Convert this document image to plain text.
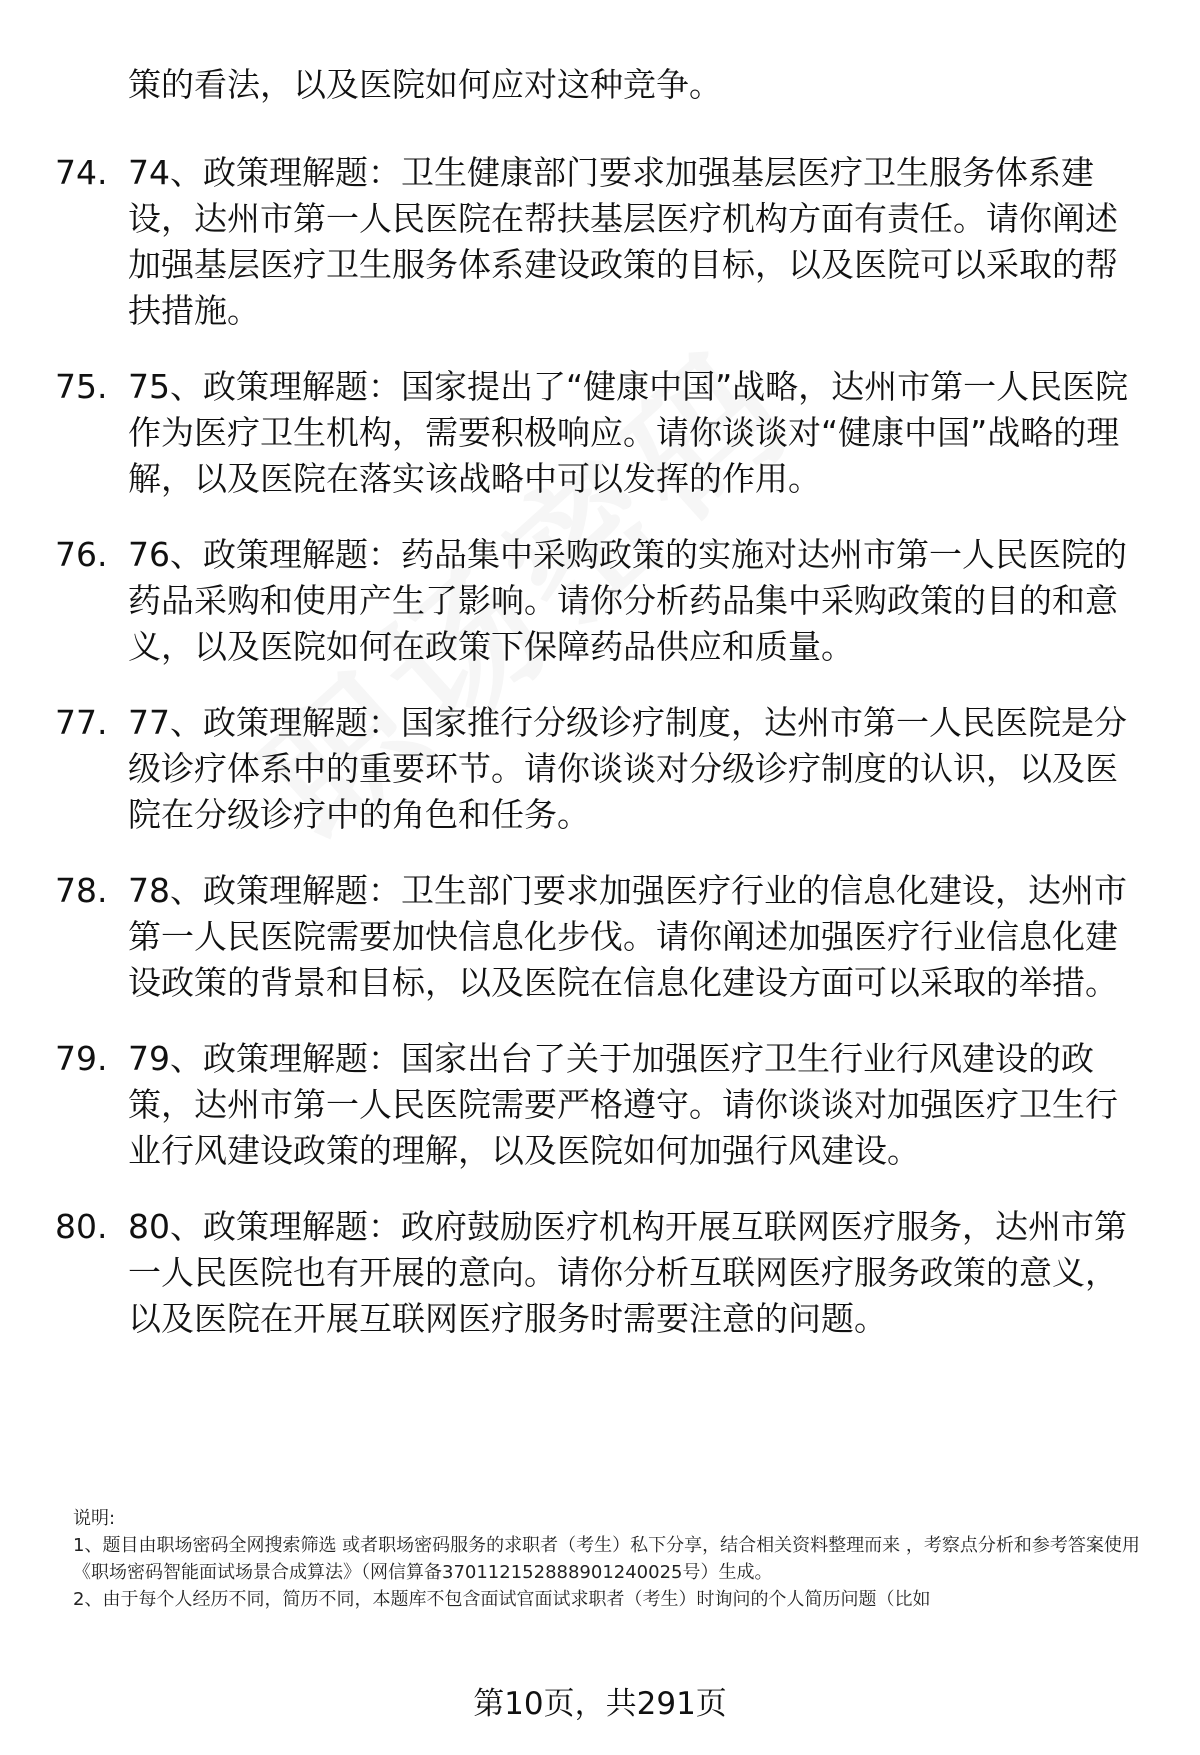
策的看法，以及医院如何应对这种竞争。
74. 74、政策理解题：卫生健康部门要求加强基层医疗卫生服务体系建设，达州市第一人民医院在帮扶基层医疗机构方面有责任。请你阐述加强基层医疗卫生服务体系建设政策的目标，以及医院可以采取的帮扶措施。
75. 75、政策理解题：国家提出了“健康中国”战略，达州市第一人民医院作为医疗卫生机构，需要积极响应。请你谈谈对“健康中国”战略的理解，以及医院在落实该战略中可以发挥的作用。
76. 76、政策理解题：药品集中采购政策的实施对达州市第一人民医院的药品采购和使用产生了影响。请你分析药品集中采购政策的目的和意义，以及医院如何在政策下保障药品供应和质量。
77. 77、政策理解题：国家推行分级诊疗制度，达州市第一人民医院是分级诊疗体系中的重要环节。请你谈谈对分级诊疗制度的认识，以及医院在分级诊疗中的角色和任务。
78. 78、政策理解题：卫生部门要求加强医疗行业的信息化建设，达州市第一人民医院需要加快信息化步伐。请你阐述加强医疗行业信息化建设政策的背景和目标，以及医院在信息化建设方面可以采取的举措。
79. 79、政策理解题：国家出台了关于加强医疗卫生行业行风建设的政策，达州市第一人民医院需要严格遵守。请你谈谈对加强医疗卫生行业行风建设政策的理解，以及医院如何加强行风建设。
80. 80、政策理解题：政府鼓励医疗机构开展互联网医疗服务，达州市第一人民医院也有开展的意向。请你分析互联网医疗服务政策的意义，以及医院在开展互联网医疗服务时需要注意的问题。

说明:

1、题目由职场密码全网搜索筛选 或者职场密码服务的求职者（考生）私下分享，结合相关资料整理而来 ，考察点分析和参考答案使用《职场密码智能面试场景合成算法》（网信算备370112152888901240025号）生成。

2、由于每个人经历不同，简历不同，本题库不包含面试官面试求职者（考生）时询问的个人简历问题（比如

第10页，共291页
